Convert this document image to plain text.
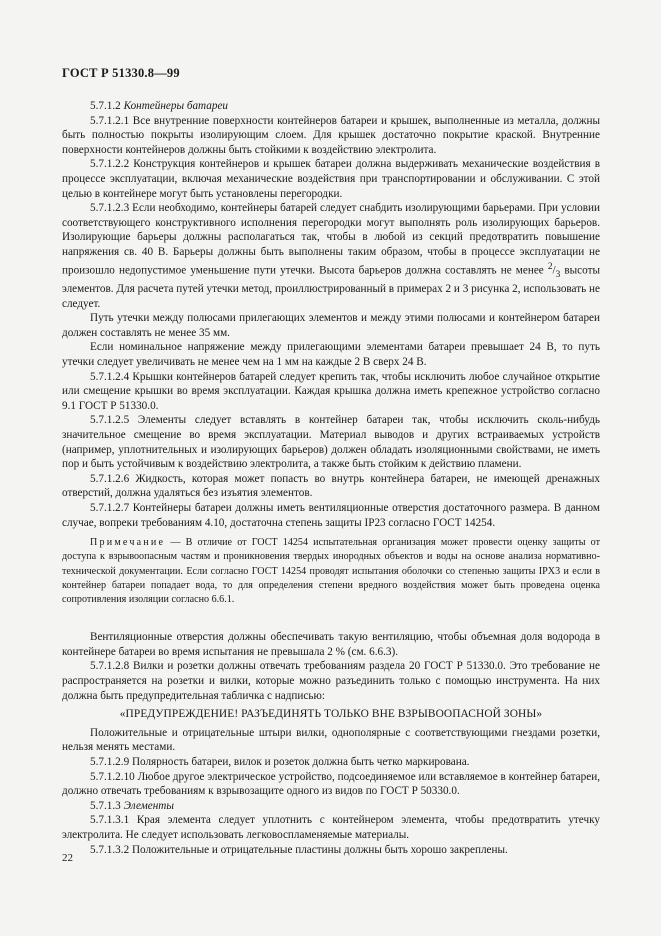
ГОСТ Р 51330.8—99

5.7.1.2 Контейнеры батареи

5.7.1.2.1 Все внутренние поверхности контейнеров батареи и крышек, выполненные из металла, должны быть полностью покрыты изолирующим слоем. Для крышек достаточно покрытие краской. Внутренние поверхности контейнеров должны быть стойкими к воздействию электролита.

5.7.1.2.2 Конструкция контейнеров и крышек батареи должна выдерживать механические воздействия в процессе эксплуатации, включая механические воздействия при транспортировании и обслуживании. С этой целью в контейнере могут быть установлены перегородки.

5.7.1.2.3 Если необходимо, контейнеры батарей следует снабдить изолирующими барьерами. При условии соответствующего конструктивного исполнения перегородки могут выполнять роль изолирующих барьеров. Изолирующие барьеры должны располагаться так, чтобы в любой из секций предотвратить повышение напряжения св. 40 В. Барьеры должны быть выполнены таким образом, чтобы в процессе эксплуатации не произошло недопустимое уменьшение пути утечки. Высота барьеров должна составлять не менее $^2/_3$ высоты элементов. Для расчета путей утечки метод, проиллюстрированный в примерах 2 и 3 рисунка 2, использовать не следует.

Путь утечки между полюсами прилегающих элементов и между этими полюсами и контейнером батареи должен составлять не менее 35 мм.

Если номинальное напряжение между прилегающими элементами батареи превышает 24 В, то путь утечки следует увеличивать не менее чем на 1 мм на каждые 2 В сверх 24 В.

5.7.1.2.4 Крышки контейнеров батарей следует крепить так, чтобы исключить любое случайное открытие или смещение крышки во время эксплуатации. Каждая крышка должна иметь крепежное устройство согласно 9.1 ГОСТ Р 51330.0.

5.7.1.2.5 Элементы следует вставлять в контейнер батареи так, чтобы исключить сколь-нибудь значительное смещение во время эксплуатации. Материал выводов и других встраиваемых устройств (например, уплотнительных и изолирующих барьеров) должен обладать изоляционными свойствами, не иметь пор и быть устойчивым к воздействию электролита, а также быть стойким к действию пламени.

5.7.1.2.6 Жидкость, которая может попасть во внутрь контейнера батареи, не имеющей дренажных отверстий, должна удаляться без изъятия элементов.

5.7.1.2.7 Контейнеры батареи должны иметь вентиляционные отверстия достаточного размера. В данном случае, вопреки требованиям 4.10, достаточна степень защиты IP23 согласно ГОСТ 14254.

Примечание — В отличие от ГОСТ 14254 испытательная организация может провести оценку защиты от доступа к взрывоопасным частям и проникновения твердых инородных объектов и воды на основе анализа нормативно-технической документации. Если согласно ГОСТ 14254 проводят испытания оболочки со степенью защиты IPX3 и если в контейнер батареи попадает вода, то для определения степени вредного воздействия может быть проведена оценка сопротивления изоляции согласно 6.6.1.

Вентиляционные отверстия должны обеспечивать такую вентиляцию, чтобы объемная доля водорода в контейнере батареи во время испытания не превышала 2 % (см. 6.6.3).

5.7.1.2.8 Вилки и розетки должны отвечать требованиям раздела 20 ГОСТ Р 51330.0. Это требование не распространяется на розетки и вилки, которые можно разъединить только с помощью инструмента. На них должна быть предупредительная табличка с надписью:

«ПРЕДУПРЕЖДЕНИЕ! РАЗЪЕДИНЯТЬ ТОЛЬКО ВНЕ ВЗРЫВООПАСНОЙ ЗОНЫ»

Положительные и отрицательные штыри вилки, однополярные с соответствующими гнездами розетки, нельзя менять местами.

5.7.1.2.9 Полярность батареи, вилок и розеток должна быть четко маркирована.

5.7.1.2.10 Любое другое электрическое устройство, подсоединяемое или вставляемое в контейнер батареи, должно отвечать требованиям к взрывозащите одного из видов по ГОСТ Р 50330.0.

5.7.1.3 Элементы

5.7.1.3.1 Края элемента следует уплотнить с контейнером элемента, чтобы предотвратить утечку электролита. Не следует использовать легковоспламеняемые материалы.

5.7.1.3.2 Положительные и отрицательные пластины должны быть хорошо закреплены.

22
